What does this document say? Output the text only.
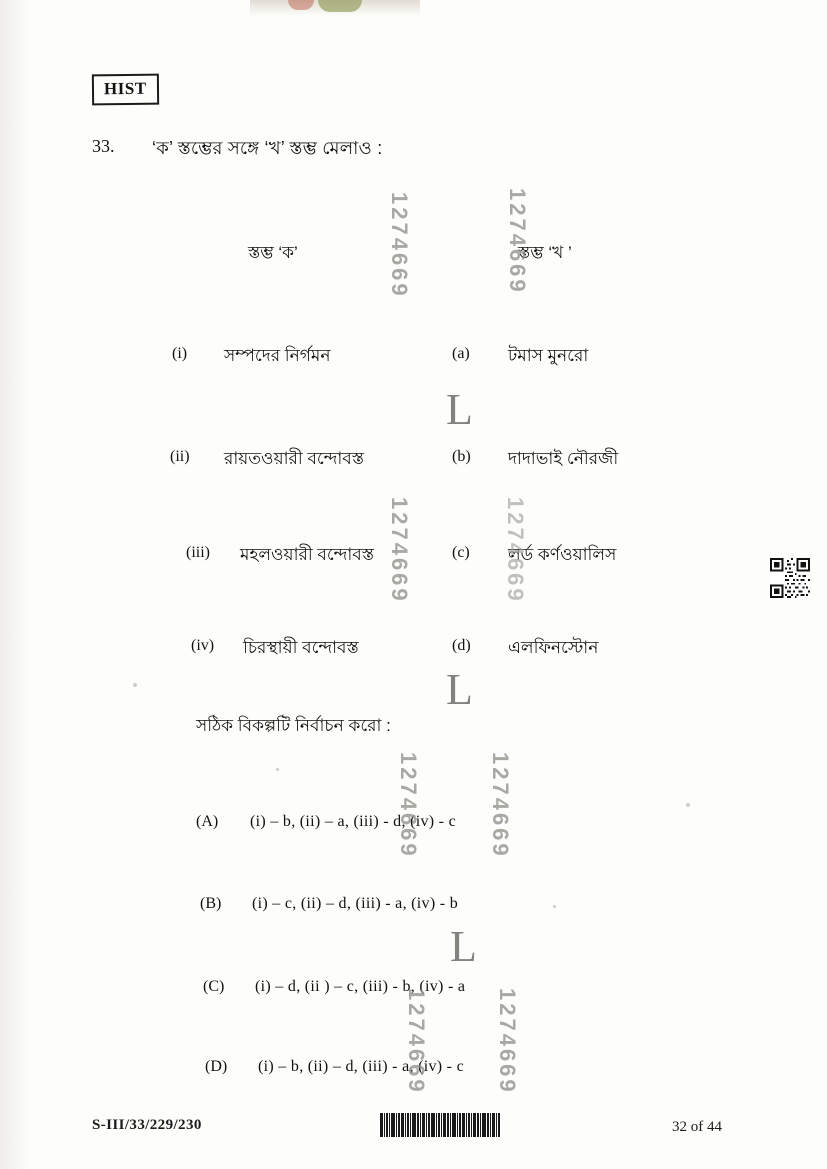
HIST
33. ‘ক’ স্তম্ভের সঙ্গে ‘খ’ স্তম্ভ মেলাও :
স্তম্ভ ‘ক’	স্তম্ভ ‘খ ’
(i) সম্পদের নির্গমন	(a) টমাস মুনরো
(ii) রায়তওয়ারী বন্দোবস্ত	(b) দাদাভাই নৌরজী
(iii) মহলওয়ারী বন্দোবস্ত	(c) লর্ড কর্ণওয়ালিস
(iv) চিরস্থায়ী বন্দোবস্ত	(d) এলফিনস্টোন
সঠিক বিকল্পটি নির্বাচন করো :
(A) (i) – b, (ii) – a, (iii) - d, (iv) - c
(B) (i) – c, (ii) – d, (iii) - a, (iv) - b
(C) (i) – d, (ii ) – c, (iii) - b, (iv) - a
(D) (i) – b, (ii) – d, (iii) - a, (iv) - c
1274669	1274669
1274669	1274669
1274669	1274669
1274669	1274669
L
L
L
S-III/33/229/230	32 of 44
